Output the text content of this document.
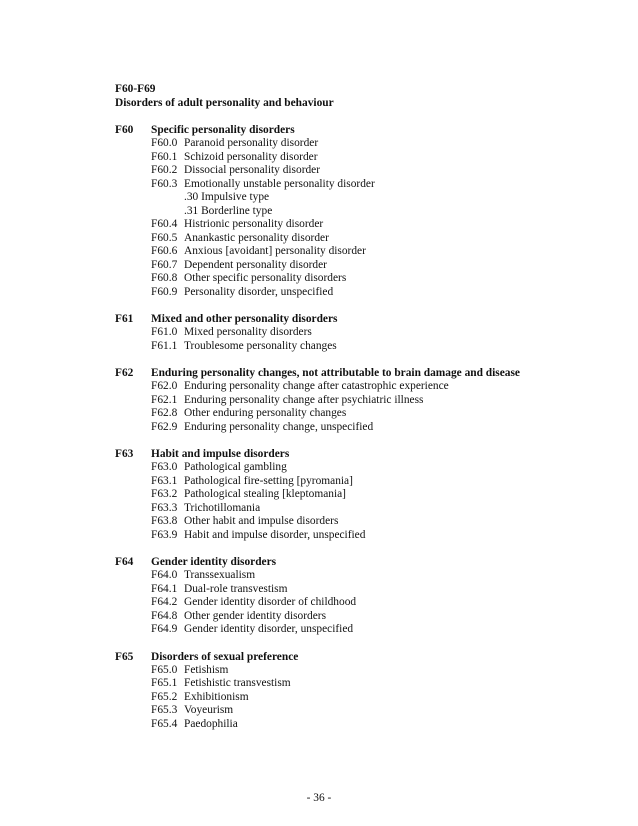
F60-F69
Disorders of adult personality and behaviour
F60	Specific personality disorders
F60.0 Paranoid personality disorder
F60.1 Schizoid personality disorder
F60.2 Dissocial personality disorder
F60.3 Emotionally unstable personality disorder
.30 Impulsive type
.31 Borderline type
F60.4 Histrionic personality disorder
F60.5 Anankastic personality disorder
F60.6 Anxious [avoidant] personality disorder
F60.7 Dependent personality disorder
F60.8 Other specific personality disorders
F60.9 Personality disorder, unspecified
F61	Mixed and other personality disorders
F61.0 Mixed personality disorders
F61.1 Troublesome personality changes
F62 Enduring personality changes, not attributable to brain damage and disease
F62.0 Enduring personality change after catastrophic experience
F62.1 Enduring personality change after psychiatric illness
F62.8 Other enduring personality changes
F62.9 Enduring personality change, unspecified
F63	Habit and impulse disorders
F63.0 Pathological gambling
F63.1 Pathological fire-setting [pyromania]
F63.2 Pathological stealing [kleptomania]
F63.3 Trichotillomania
F63.8 Other habit and impulse disorders
F63.9 Habit and impulse disorder, unspecified
F64	Gender identity disorders
F64.0 Transsexualism
F64.1 Dual-role transvestism
F64.2 Gender identity disorder of childhood
F64.8 Other gender identity disorders
F64.9 Gender identity disorder, unspecified
F65	Disorders of sexual preference
F65.0 Fetishism
F65.1 Fetishistic transvestism
F65.2 Exhibitionism
F65.3 Voyeurism
F65.4 Paedophilia
- 36 -
